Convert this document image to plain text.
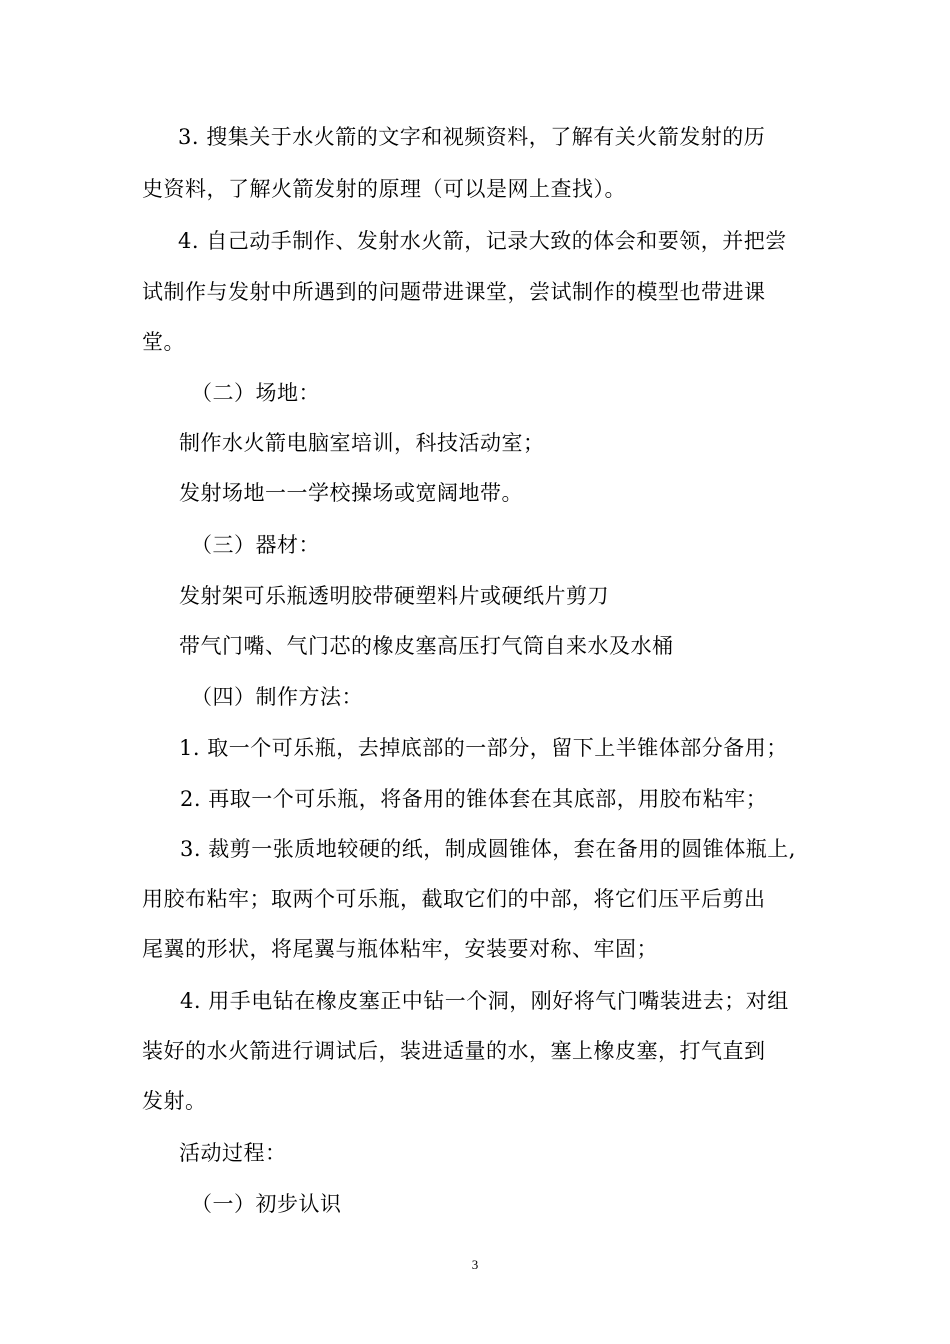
3. 搜集关于水火箭的文字和视频资料，了解有关火箭发射的历
史资料，了解火箭发射的原理（可以是网上查找）。
4. 自己动手制作、发射水火箭，记录大致的体会和要领，并把尝
试制作与发射中所遇到的问题带进课堂，尝试制作的模型也带进课
堂。
（二）场地：
制作水火箭电脑室培训，科技活动室；
发射场地一一学校操场或宽阔地带。
（三）器材：
发射架可乐瓶透明胶带硬塑料片或硬纸片剪刀
带气门嘴、气门芯的橡皮塞高压打气筒自来水及水桶
（四）制作方法：
1. 取一个可乐瓶，去掉底部的一部分，留下上半锥体部分备用；
2. 再取一个可乐瓶，将备用的锥体套在其底部，用胶布粘牢；
3. 裁剪一张质地较硬的纸，制成圆锥体，套在备用的圆锥体瓶上,
用胶布粘牢；取两个可乐瓶，截取它们的中部，将它们压平后剪出
尾翼的形状，将尾翼与瓶体粘牢，安装要对称、牢固；
4. 用手电钻在橡皮塞正中钻一个洞，刚好将气门嘴装进去；对组
装好的水火箭进行调试后，装进适量的水，塞上橡皮塞，打气直到
发射。
活动过程：
（一）初步认识
3
